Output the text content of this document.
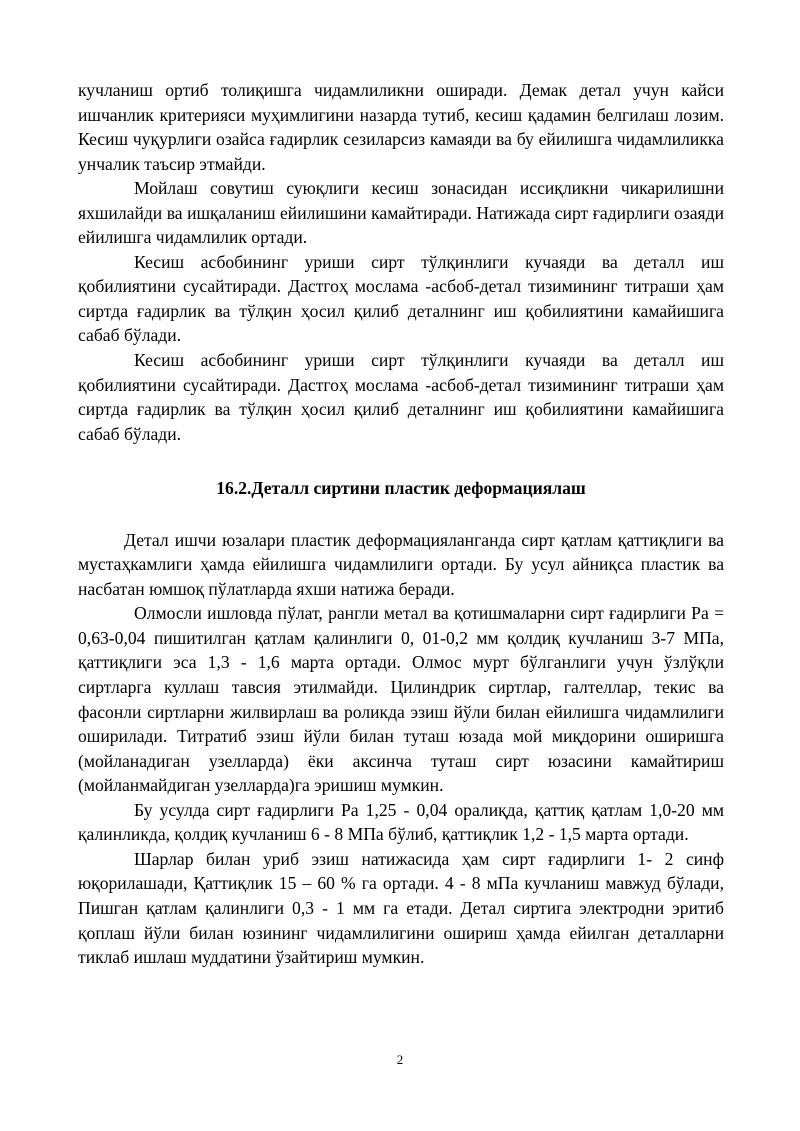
кучланиш ортиб толиқишга чидамлиликни оширади. Демак детал учун кайси ишчанлик критерияси муҳимлигини назарда тутиб, кесиш қадамин белгилаш лозим. Кесиш чуқурлиги озайса ғадирлик сезиларсиз камаяди ва бу ейилишга чидамлиликка унчалик таъсир этмайди.

Мойлаш совутиш суюқлиги кесиш зонасидан иссиқликни чикарилишни яхшилайди ва ишқаланиш ейилишини камайтиради. Натижада сирт ғадирлиги озаяди ейилишга чидамлилик ортади.

Кесиш асбобининг уриши сирт тўлқинлиги кучаяди ва деталл иш қобилиятини сусайтиради. Дастгоҳ мослама -асбоб-детал тизимининг титраши ҳам сиртда ғадирлик ва тўлқин ҳосил қилиб деталнинг иш қобилиятини камайишига сабаб бўлади.

Кесиш асбобининг уриши сирт тўлқинлиги кучаяди ва деталл иш қобилиятини сусайтиради. Дастгоҳ мослама -асбоб-детал тизимининг титраши ҳам сиртда ғадирлик ва тўлқин ҳосил қилиб деталнинг иш қобилиятини камайишига сабаб бўлади.

16.2.Деталл сиртини пластик деформациялаш

Детал ишчи юзалари пластик деформацияланганда сирт қатлам қаттиқлиги ва мустаҳкамлиги ҳамда ейилишга чидамлилиги ортади. Бу усул айниқса пластик ва насбатан юмшоқ пўлатларда яхши натижа беради.

Олмосли ишловда пўлат, рангли метал ва қотишмаларни сирт ғадирлиги Ра = 0,63-0,04 пишитилган қатлам қалинлиги 0, 01-0,2 мм қолдиқ кучланиш 3-7 МПа, қаттиқлиги эса 1,3 - 1,6 марта ортади. Олмос мурт бўлганлиги учун ўзлўқли сиртларга куллаш тавсия этилмайди. Цилиндрик сиртлар, галтеллар, текис ва фасонли сиртларни жилвирлаш ва роликда эзиш йўли билан ейилишга чидамлилиги оширилади. Титратиб эзиш йўли билан туташ юзада мой миқдорини оширишга (мойланадиган узелларда) ёки аксинча туташ сирт юзасини камайтириш (мойланмайдиган узелларда)га эришиш мумкин.

Бу усулда сирт ғадирлиги Ра 1,25 - 0,04 оралиқда, қаттиқ қатлам 1,0-20 мм қалинликда, қолдиқ кучланиш 6 - 8 МПа бўлиб, қаттиқлик 1,2 - 1,5 марта ортади.

Шарлар билан уриб эзиш натижасида ҳам сирт ғадирлиги 1- 2 синф юқорилашади, Қаттиқлик 15 – 60 % га ортади. 4 - 8 мПа кучланиш мавжуд бўлади, Пишган қатлам қалинлиги 0,3 - 1 мм га етади. Детал сиртига электродни эритиб қоплаш йўли билан юзининг чидамлилигини ошириш ҳамда ейилган деталларни тиклаб ишлаш муддатини ўзайтириш мумкин.

2
